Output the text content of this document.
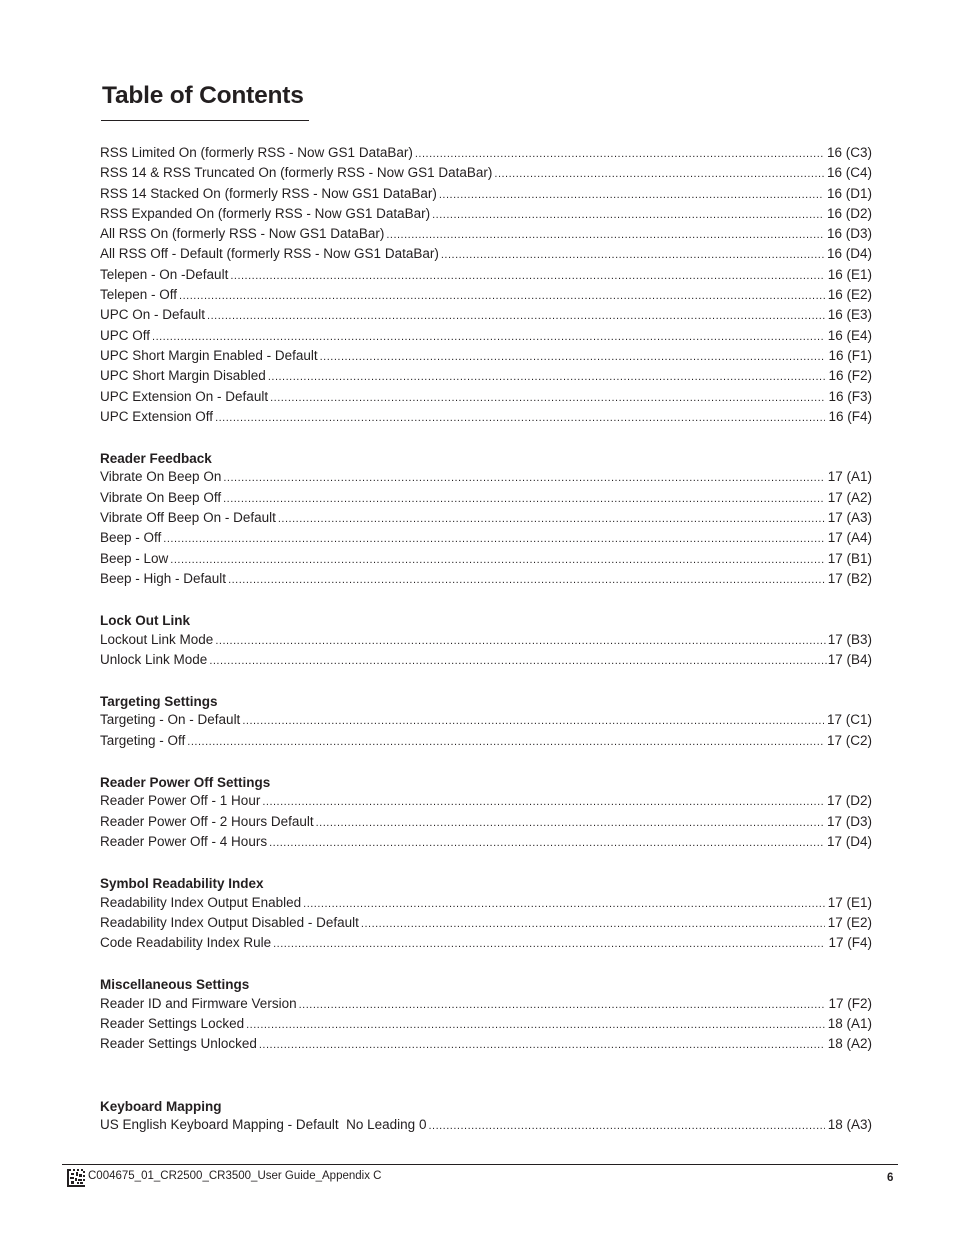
Table of Contents
RSS Limited On (formerly RSS - Now GS1 DataBar) .....	16 (C3)
RSS 14 & RSS Truncated On (formerly RSS - Now GS1 DataBar) .....	16 (C4)
RSS 14 Stacked On (formerly RSS - Now GS1 DataBar) .....	16 (D1)
RSS Expanded On (formerly RSS - Now GS1 DataBar) .....	16 (D2)
All RSS On (formerly RSS - Now GS1 DataBar) .....	16 (D3)
All RSS Off - Default (formerly RSS - Now GS1 DataBar) .....	16 (D4)
Telepen - On -Default .....	16 (E1)
Telepen - Off .....	16 (E2)
UPC On - Default .....	16 (E3)
UPC Off .....	16 (E4)
UPC Short Margin Enabled - Default .....	16 (F1)
UPC Short Margin Disabled .....	16 (F2)
UPC Extension On - Default .....	16 (F3)
UPC Extension Off .....	16 (F4)
Reader Feedback
Vibrate On Beep On .....	17 (A1)
Vibrate On Beep Off .....	17 (A2)
Vibrate Off Beep On - Default .....	17 (A3)
Beep - Off .....	17 (A4)
Beep - Low .....	17 (B1)
Beep - High - Default .....	17 (B2)
Lock Out Link
Lockout Link Mode .....	17 (B3)
Unlock Link Mode .....	17 (B4)
Targeting Settings
Targeting - On - Default .....	17 (C1)
Targeting - Off .....	17 (C2)
Reader Power Off Settings
Reader Power Off - 1 Hour .....	17 (D2)
Reader Power Off - 2 Hours Default .....	17 (D3)
Reader Power Off - 4 Hours .....	17 (D4)
Symbol Readability Index
Readability Index Output Enabled .....	17 (E1)
Readability Index Output Disabled - Default .....	17 (E2)
Code Readability Index Rule .....	17 (F4)
Miscellaneous Settings
Reader ID and Firmware Version .....	17 (F2)
Reader Settings Locked .....	18 (A1)
Reader Settings Unlocked .....	18 (A2)
Keyboard Mapping
US English Keyboard Mapping - Default  No Leading 0 .....	18 (A3)
C004675_01_CR2500_CR3500_User Guide_Appendix C	6
